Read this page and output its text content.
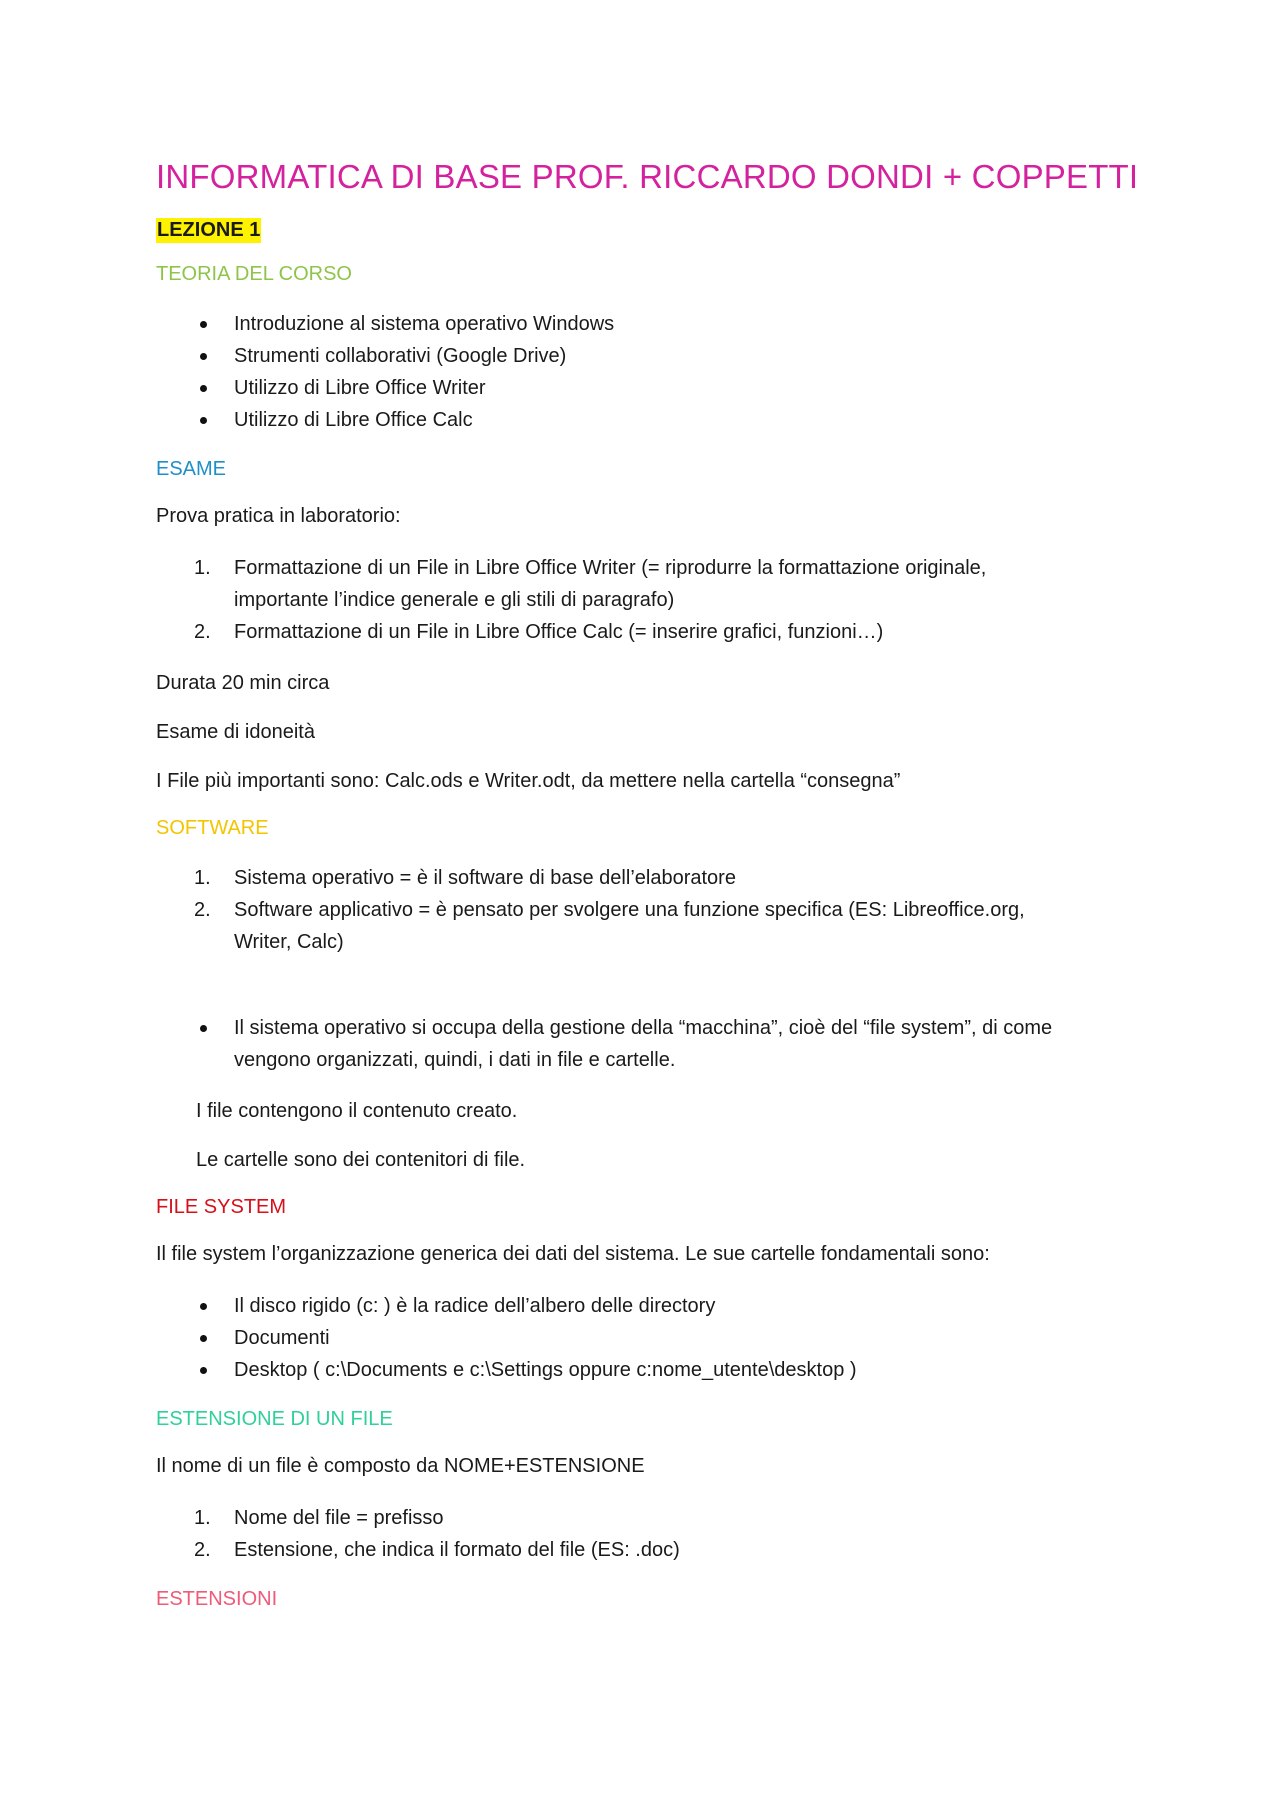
INFORMATICA DI BASE PROF. RICCARDO DONDI + COPPETTI
LEZIONE 1
TEORIA DEL CORSO
Introduzione al sistema operativo Windows
Strumenti collaborativi (Google Drive)
Utilizzo di Libre Office Writer
Utilizzo di Libre Office Calc
ESAME

Prova pratica in laboratorio:

1. Formattazione di un File in Libre Office Writer (= riprodurre la formattazione originale,
importante l’indice generale e gli stili di paragrafo)
2. Formattazione di un File in Libre Office Calc (= inserire grafici, funzioni…)

Durata 20 min circa

Esame di idoneità

I File più importanti sono: Calc.ods e Writer.odt, da mettere nella cartella “consegna”

SOFTWARE
1. Sistema operativo = è il software di base dell’elaboratore
2. Software applicativo = è pensato per svolgere una funzione specifica (ES: Libreoffice.org,
Writer, Calc)
Il sistema operativo si occupa della gestione della “macchina”, cioè del “file system”, di come
vengono organizzati, quindi, i dati in file e cartelle.

I file contengono il contenuto creato.

Le cartelle sono dei contenitori di file.

FILE SYSTEM

Il file system l’organizzazione generica dei dati del sistema. Le sue cartelle fondamentali sono:

Il disco rigido (c: ) è la radice dell’albero delle directory
Documenti
Desktop ( c:\Documents e c:\Settings oppure c:nome_utente\desktop )
ESTENSIONE DI UN FILE

Il nome di un file è composto da NOME+ESTENSIONE

1. Nome del file = prefisso
2. Estensione, che indica il formato del file (ES: .doc)
ESTENSIONI
